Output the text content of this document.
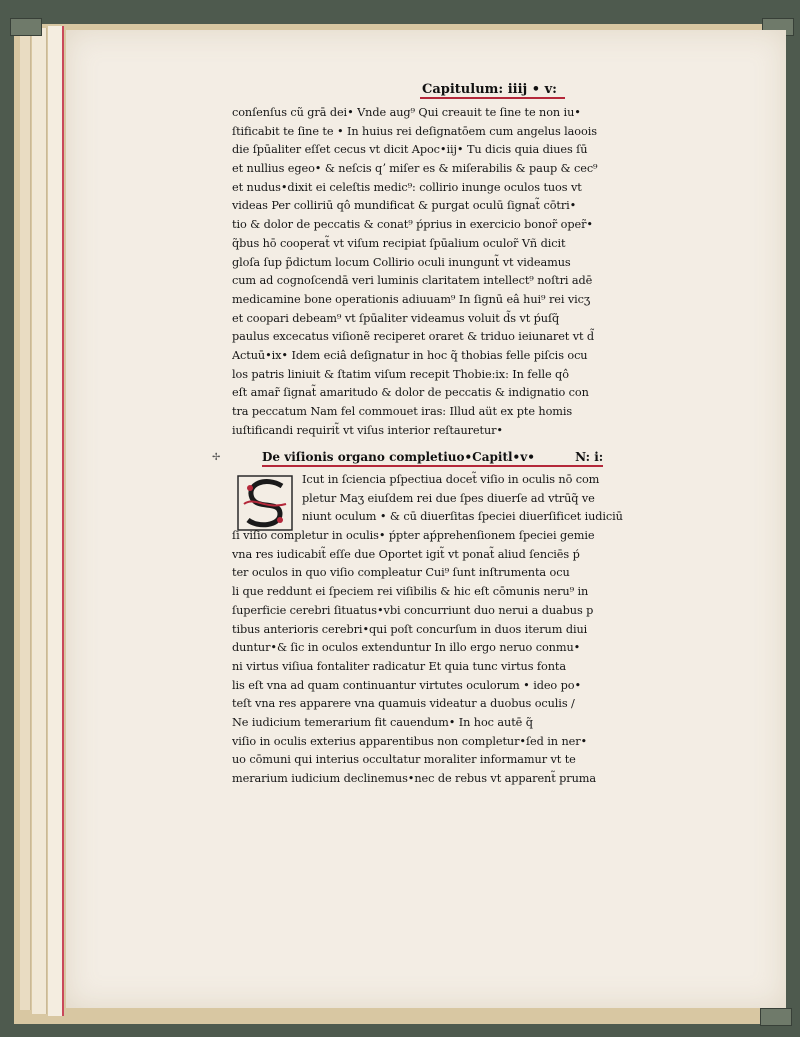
Capitulum: iiij • v:
conſenſus cũ grā dei• Vnde aug⁹ Qui creauit te ſine te non iu•
ſtificabit te ſine te • In huius rei deſignatōem cum angelus laoois
die ſpūaliter eſſet cecus vt dicit Apoc•iij• Tu dicis quia diues ſū
et nullius egeo• & neſcis qʼ miſer es & miſerabilis & paup & cec⁹
et nudus•dixit ei celeſtis medic⁹: collirio inunge oculos tuos vt
videas Per colliriū qô mundificat & purgat oculū ſignat̃ cōtri•
tio & dolor de peccatis & conat⁹ ṕprius in exercicio bonor̃ oper̃•
q̃bus hō cooperat̃ vt viſum recipiat ſpūalium oculor̃ Vñ dicit
gloſa ſup p̃dictum locum Collirio oculi inungunt̃ vt videamus
cum ad cognoſcendā veri luminis claritatem intellect⁹ noſtri adē
medicamine bone operationis adiuuam⁹ In ſignū eâ hui⁹ rei vicʒ
et coopari debeam⁹ vt ſpūaliter videamus voluit d̃s vt ṕuſq̃
paulus excecatus viſionẽ reciperet oraret & triduo ieiunaret vt d̃
Actuū•ix• Idem eciâ deſignatur in hoc q̃ thobias felle piſcis ocu
los patris liniuit & ſtatim viſum recepit Thobie:ix: In felle qô
eſt amar̃ ſignat̃ amaritudo & dolor de peccatis & indignatio con
tra peccatum Nam fel commouet iras: Illud aüt ex pte homis
iuſtificandi requirit̃ vt viſus interior reſtauretur•
✢	De viſionis organo completiuo•Capitl•v•	N: i:
Icut in ſciencia pſpectiua docet̃ viſio in oculis nō com
pletur Maʒ eiuſdem rei due ſpes diuerſe ad vtrūq̃ ve
niunt oculum • & cū diuerſitas ſpeciei diuerſificet iudiciū
ſi viſio completur in oculis• ṕpter aṕprehenſionem ſpeciei gemie
vna res iudicabit̃ eſſe due Oportet igit̃ vt ponat̃ aliud ſenciēs ṕ
ter oculos in quo viſio compleatur Cui⁹ ſunt inſtrumenta ocu
li que reddunt ei ſpeciem rei viſibilis & hic eſt cōmunis neru⁹ in
ſuperficie cerebri ſituatus•vbi concurriunt duo nerui a duabus p
tibus anterioris cerebri•qui poſt concurſum in duos iterum diui
duntur•& ſic in oculos extenduntur In illo ergo neruo conmu•
ni virtus viſiua fontaliter radicatur Et quia tunc virtus fonta
lis eſt vna ad quam continuantur virtutes oculorum • ideo po•
teſt vna res apparere vna quamuis videatur a duobus oculis /
Ne iudicium temerarium fit cauendum• In hoc autē q̃
viſio in oculis exterius apparentibus non completur•ſed in ner•
uo cōmuni qui interius occultatur moraliter informamur vt te
merarium iudicium declinemus•nec de rebus vt apparent̃ pruma
